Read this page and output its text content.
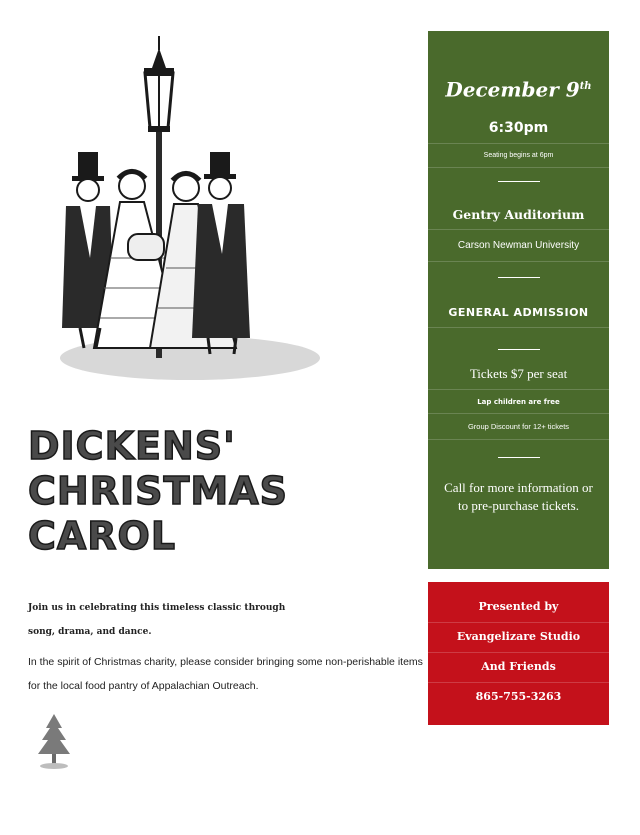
DICKENS'
CHRISTMAS
CAROL
Join us in celebrating this timeless classic through
song, drama, and dance.
In the spirit of Christmas charity, please consider bringing some non-perishable items for the local food pantry of Appalachian Outreach.
December 9th
6:30pm
Seating begins at 6pm
Gentry Auditorium
Carson Newman University
GENERAL ADMISSION
Tickets $7 per seat
Lap children are free
Group Discount for 12+ tickets
Call for more information or to pre-purchase tickets.
Presented by
Evangelizare Studio
And Friends
865-755-3263
